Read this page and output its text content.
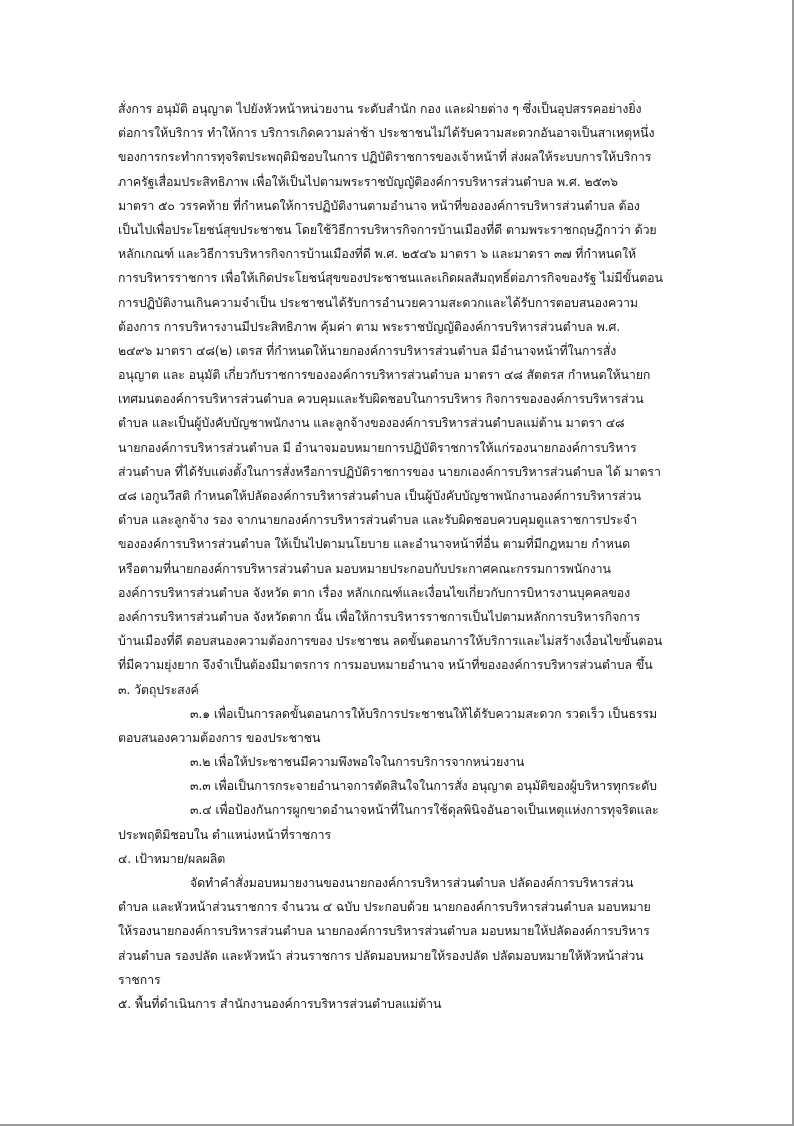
สั่งการ อนุมัติ อนุญาต ไปยังหัวหน้าหน่วยงาน ระดับสำนัก กอง และฝ่ายต่าง ๆ ซึ่งเป็นอุปสรรคอย่างยิ่ง
ต่อการให้บริการ ทำให้การ บริการเกิดความล่าช้า ประชาชนไม่ได้รับความสะดวกอันอาจเป็นสาเหตุหนึ่ง
ของการกระทำการทุจริตประพฤติมิชอบในการ ปฏิบัติราชการของเจ้าหน้าที่ ส่งผลให้ระบบการให้บริการ
ภาครัฐเสื่อมประสิทธิภาพ เพื่อให้เป็นไปตามพระราชบัญญัติองค์การบริหารส่วนตำบล พ.ศ. ๒๕๓๖
มาตรา ๕๐ วรรคท้าย ที่กำหนดให้การปฏิบัติงานตามอำนาจ หน้าที่ขององค์การบริหารส่วนตำบล ต้อง
เป็นไปเพื่อประโยชน์สุขประชาชน โดยใช้วิธีการบริหารกิจการบ้านเมืองที่ดี ตามพระราชกฤษฎีกาว่า ด้วย
หลักเกณฑ์ และวิธีการบริหารกิจการบ้านเมืองที่ดี พ.ศ. ๒๕๔๖ มาตรา ๖ และมาตรา ๓๗ ที่กำหนดให้
การบริหารราชการ เพื่อให้เกิดประโยชน์สุขของประชาชนและเกิดผลสัมฤทธิ์ต่อภารกิจของรัฐ ไม่มีขั้นตอน
การปฏิบัติงานเกินความจำเป็น ประชาชนได้รับการอำนวยความสะดวกและได้รับการตอบสนองความ
ต้องการ การบริหารงานมีประสิทธิภาพ คุ้มค่า ตาม พระราชบัญญัติองค์การบริหารส่วนตำบล พ.ศ.
๒๔๙๖ มาตรา ๔๘(๒) เตรส ที่กำหนดให้นายกองค์การบริหารส่วนตำบล มีอำนาจหน้าที่ในการสั่ง
อนุญาต และ อนุมัติ เกี่ยวกับราชการขององค์การบริหารส่วนตำบล มาตรา ๔๘ สัตตรส กำหนดให้นายก
เทศมนตองค์การบริหารส่วนตำบล ควบคุมและรับผิดชอบในการบริหาร กิจการขององค์การบริหารส่วน
ตำบล และเป็นผู้บังคับบัญชาพนักงาน และลูกจ้างขององค์การบริหารส่วนตำบลแม่ต้าน มาตรา ๔๘
นายกองค์การบริหารส่วนตำบล มี อำนาจมอบหมายการปฏิบัติราชการให้แก่รองนายกองค์การบริหาร
ส่วนตำบล ที่ได้รับแต่งตั้งในการสั่งหรือการปฏิบัติราชการของ นายกเองค์การบริหารส่วนตำบล ได้ มาตรา
๔๘ เอกูนวีสติ กำหนดให้ปลัดองค์การบริหารส่วนตำบล เป็นผู้บังคับบัญชาพนักงานองค์การบริหารส่วน
ตำบล และลูกจ้าง รอง จากนายกองค์การบริหารส่วนตำบล และรับผิดชอบควบคุมดูแลราชการประจำ
ขององค์การบริหารส่วนตำบล ให้เป็นไปตามนโยบาย และอำนาจหน้าที่อื่น ตามที่มีกฎหมาย กำหนด
หรือตามที่นายกองค์การบริหารส่วนตำบล มอบหมายประกอบกับประกาศคณะกรรมการพนักงาน
องค์การบริหารส่วนตำบล จังหวัด ตาก เรื่อง หลักเกณฑ์และเงื่อนไขเกี่ยวกับการบิหารงานบุคคลของ
องค์การบริหารส่วนตำบล จังหวัดตาก นั้น เพื่อให้การบริหารราชการเป็นไปตามหลักการบริหารกิจการ
บ้านเมืองที่ดี ตอบสนองความต้องการของ ประชาชน ลดขั้นตอนการให้บริการและไม่สร้างเงื่อนไขขั้นตอน
ที่มีความยุ่งยาก จึงจำเป็นต้องมีมาตรการ การมอบหมายอำนาจ หน้าที่ขององค์การบริหารส่วนตำบล ขึ้น
๓. วัตถุประสงค์
๓.๑ เพื่อเป็นการลดขั้นตอนการให้บริการประชาชนให้ได้รับความสะดวก รวดเร็ว เป็นธรรม
ตอบสนองความต้องการ ของประชาชน
๓.๒ เพื่อให้ประชาชนมีความพึงพอใจในการบริการจากหน่วยงาน
๓.๓ เพื่อเป็นการกระจายอำนาจการตัดสินใจในการสั่ง อนุญาต อนุมัติของผู้บริหารทุกระดับ
๓.๔ เพื่อป้องกันการผูกขาดอำนาจหน้าที่ในการใช้ดุลพินิจอันอาจเป็นเหตุแห่งการทุจริตและ
ประพฤติมิชอบใน ตำแหน่งหน้าที่ราชการ
๔. เป้าหมาย/ผลผลิต
จัดทำคำสั่งมอบหมายงานของนายกองค์การบริหารส่วนตำบล ปลัดองค์การบริหารส่วน
ตำบล และหัวหน้าส่วนราชการ จำนวน ๔ ฉบับ ประกอบด้วย นายกองค์การบริหารส่วนตำบล มอบหมาย
ให้รองนายกองค์การบริหารส่วนตำบล นายกองค์การบริหารส่วนตำบล มอบหมายให้ปลัดองค์การบริหาร
ส่วนตำบล รองปลัด และหัวหน้า ส่วนราชการ ปลัดมอบหมายให้รองปลัด ปลัดมอบหมายให้หัวหน้าส่วน
ราชการ
๕. พื้นที่ดำเนินการ สำนักงานองค์การบริหารส่วนตำบลแม่ต้าน
